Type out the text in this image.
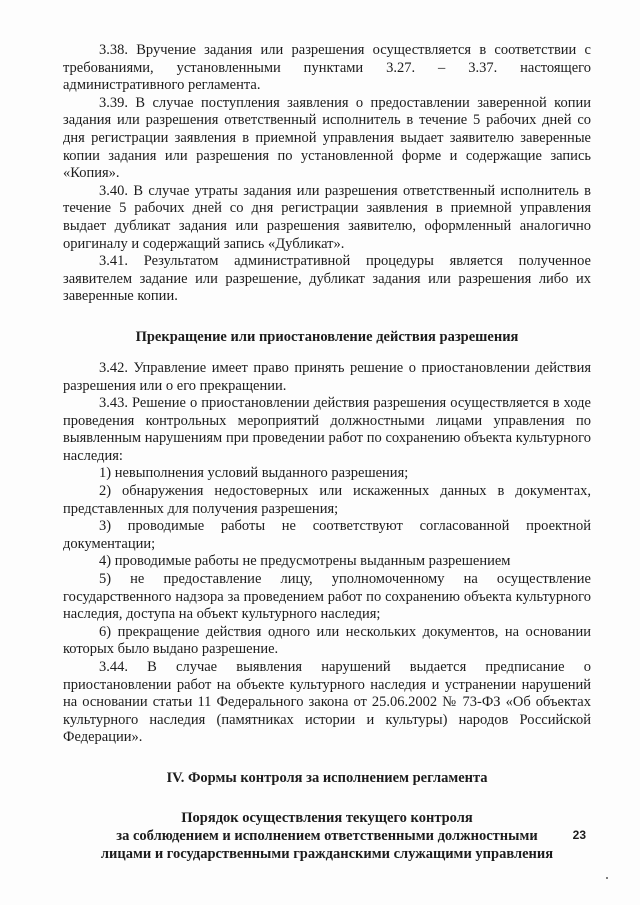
3.38. Вручение задания или разрешения осуществляется в соответствии с требованиями, установленными пунктами 3.27. – 3.37. настоящего административного регламента.

3.39. В случае поступления заявления о предоставлении заверенной копии задания или разрешения ответственный исполнитель в течение 5 рабочих дней со дня регистрации заявления в приемной управления выдает заявителю заверенные копии задания или разрешения по установленной форме и содержащие запись «Копия».

3.40. В случае утраты задания или разрешения ответственный исполнитель в течение 5 рабочих дней со дня регистрации заявления в приемной управления выдает дубликат задания или разрешения заявителю, оформленный аналогично оригиналу и содержащий запись «Дубликат».

3.41. Результатом административной процедуры является полученное заявителем задание или разрешение, дубликат задания или разрешения либо их заверенные копии.

Прекращение или приостановление действия разрешения

3.42. Управление имеет право принять решение о приостановлении действия разрешения или о его прекращении.

3.43. Решение о приостановлении действия разрешения осуществляется в ходе проведения контрольных мероприятий должностными лицами управления по выявленным нарушениям при проведении работ по сохранению объекта культурного наследия:

1) невыполнения условий выданного разрешения;

2) обнаружения недостоверных или искаженных данных в документах, представленных для получения разрешения;

3) проводимые работы не соответствуют согласованной проектной документации;

4) проводимые работы не предусмотрены выданным разрешением

5) не предоставление лицу, уполномоченному на осуществление государственного надзора за проведением работ по сохранению объекта культурного наследия, доступа на объект культурного наследия;

6) прекращение действия одного или нескольких документов, на основании которых было выдано разрешение.

3.44. В случае выявления нарушений выдается предписание о приостановлении работ на объекте культурного наследия и устранении нарушений на основании статьи 11 Федерального закона от 25.06.2002 № 73-ФЗ «Об объектах культурного наследия (памятниках истории и культуры) народов Российской Федерации».

IV. Формы контроля за исполнением регламента

Порядок осуществления текущего контроля

за соблюдением и исполнением ответственными должностными

лицами и государственными гражданскими служащими управления

23
